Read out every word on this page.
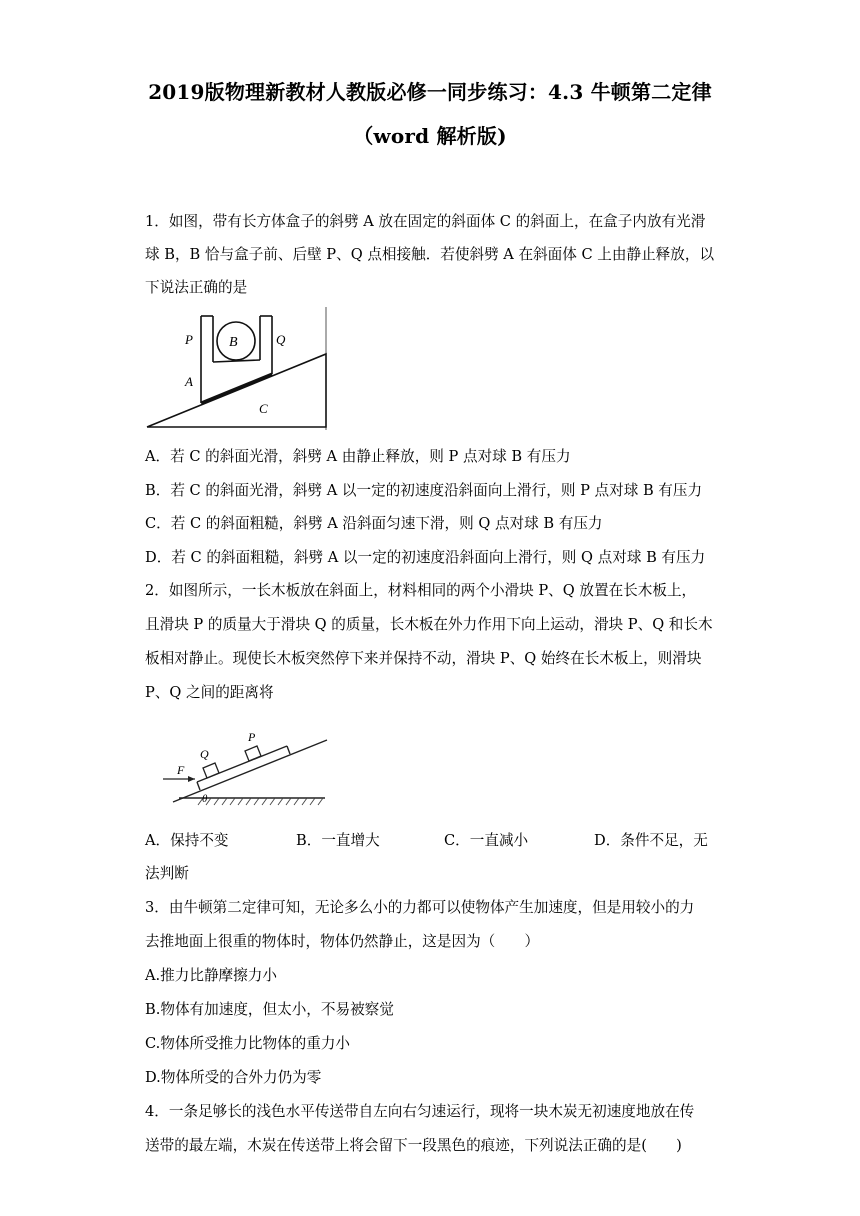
2019版物理新教材人教版必修一同步练习：4.3 牛顿第二定律
（word 解析版)
1．如图，带有长方体盒子的斜劈 A 放在固定的斜面体 C 的斜面上，在盒子内放有光滑
球 B，B 恰与盒子前、后壁 P、Q 点相接触．若使斜劈 A 在斜面体 C 上由静止释放，以
下说法正确的是
B
P	Q
A
C
A．若 C 的斜面光滑，斜劈 A 由静止释放，则 P 点对球 B 有压力
B．若 C 的斜面光滑，斜劈 A 以一定的初速度沿斜面向上滑行，则 P 点对球 B 有压力
C．若 C 的斜面粗糙，斜劈 A 沿斜面匀速下滑，则 Q 点对球 B 有压力
D．若 C 的斜面粗糙，斜劈 A 以一定的初速度沿斜面向上滑行，则 Q 点对球 B 有压力
2．如图所示，一长木板放在斜面上，材料相同的两个小滑块 P、Q 放置在长木板上，
且滑块 P 的质量大于滑块 Q 的质量，长木板在外力作用下向上运动，滑块 P、Q 和长木
板相对静止。现使长木板突然停下来并保持不动，滑块 P、Q 始终在长木板上，则滑块
P、Q 之间的距离将
F
Q
P
θ
A．保持不变	B．一直增大	C．一直减小	D．条件不足，无
法判断
3．由牛顿第二定律可知，无论多么小的力都可以使物体产生加速度，但是用较小的力
去推地面上很重的物体时，物体仍然静止，这是因为（　　）
A.推力比静摩擦力小
B.物体有加速度，但太小，不易被察觉
C.物体所受推力比物体的重力小
D.物体所受的合外力仍为零
4．一条足够长的浅色水平传送带自左向右匀速运行，现将一块木炭无初速度地放在传
送带的最左端，木炭在传送带上将会留下一段黑色的痕迹，下列说法正确的是(　　)
